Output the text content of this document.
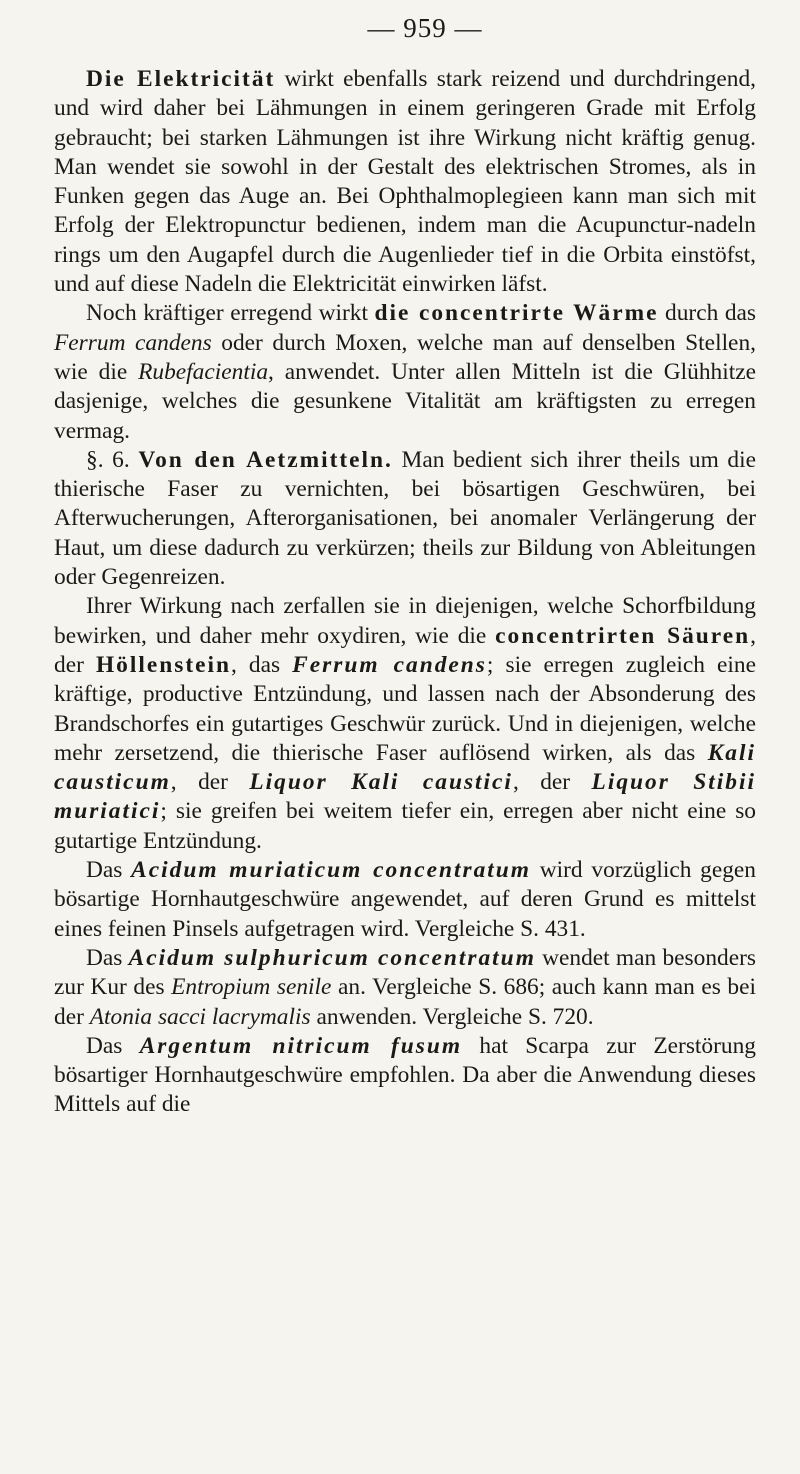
— 959 —

Die Elektricität wirkt ebenfalls stark reizend und durchdringend, und wird daher bei Lähmungen in einem geringeren Grade mit Erfolg gebraucht; bei starken Lähmungen ist ihre Wirkung nicht kräftig genug. Man wendet sie sowohl in der Gestalt des elektrischen Stromes, als in Funken gegen das Auge an. Bei Ophthalmoplegieen kann man sich mit Erfolg der Elektropunctur bedienen, indem man die Acupunctur-nadeln rings um den Augapfel durch die Augenlieder tief in die Orbita einstöfst, und auf diese Nadeln die Elektricität einwirken läfst.

Noch kräftiger erregend wirkt die concentrirte Wärme durch das Ferrum candens oder durch Moxen, welche man auf denselben Stellen, wie die Rubefacientia, anwendet. Unter allen Mitteln ist die Glühhitze dasjenige, welches die gesunkene Vitalität am kräftigsten zu erregen vermag.

§. 6. Von den Aetzmitteln. Man bedient sich ihrer theils um die thierische Faser zu vernichten, bei bösartigen Geschwüren, bei Afterwucherungen, Afterorganisationen, bei anomaler Verlängerung der Haut, um diese dadurch zu verkürzen; theils zur Bildung von Ableitungen oder Gegenreizen.

Ihrer Wirkung nach zerfallen sie in diejenigen, welche Schorfbildung bewirken, und daher mehr oxydiren, wie die concentrirten Säuren, der Höllenstein, das Ferrum candens; sie erregen zugleich eine kräftige, productive Entzündung, und lassen nach der Absonderung des Brandschorfes ein gutartiges Geschwür zurück. Und in diejenigen, welche mehr zersetzend, die thierische Faser auflösend wirken, als das Kali causticum, der Liquor Kali caustici, der Liquor Stibii muriatici; sie greifen bei weitem tiefer ein, erregen aber nicht eine so gutartige Entzündung.

Das Acidum muriaticum concentratum wird vorzüglich gegen bösartige Hornhautgeschwüre angewendet, auf deren Grund es mittelst eines feinen Pinsels aufgetragen wird. Vergleiche S. 431.

Das Acidum sulphuricum concentratum wendet man besonders zur Kur des Entropium senile an. Vergleiche S. 686; auch kann man es bei der Atonia sacci lacrymalis anwenden. Vergleiche S. 720.

Das Argentum nitricum fusum hat Scarpa zur Zerstörung bösartiger Hornhautgeschwüre empfohlen. Da aber die Anwendung dieses Mittels auf die
